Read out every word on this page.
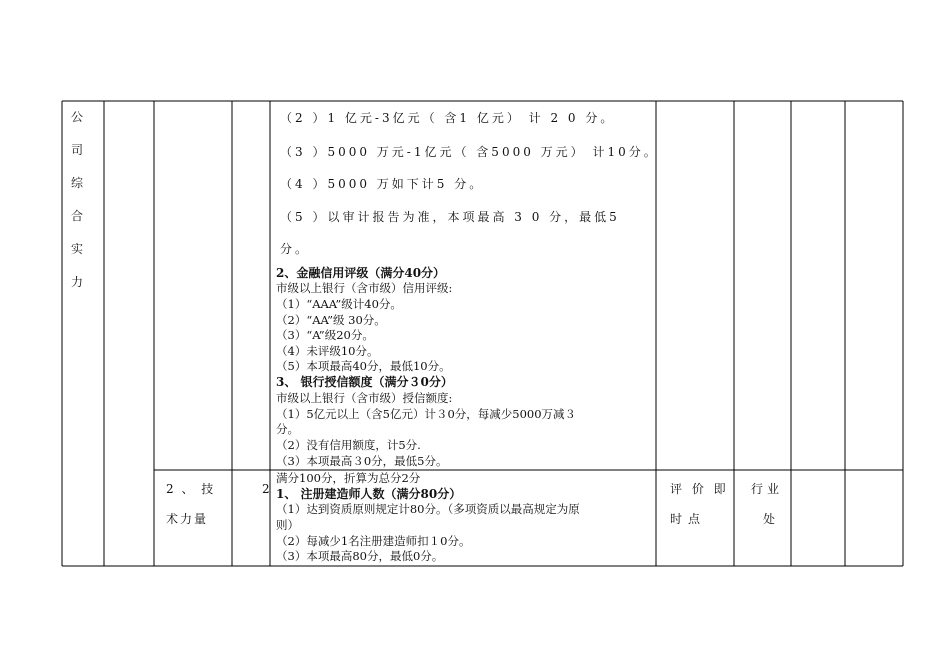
公
司
综
合
实
力
（2 ）1 亿元-3亿元（ 含1 亿元） 计 2 0 分。
（3 ）5000 万元-1亿元（ 含5000 万元） 计10分。
（4 ）5000 万如下计5 分。
（5 ）以审计报告为准，本项最高 3 0 分，最低5
分。
2、金融信用评级（满分40分）
市级以上银行（含市级）信用评级:
（1）“AAA”级计40分。
（2）“AA”级 30分。
（3）“A”级20分。
（4）未评级10分。
（5）本项最高40分，最低10分。
3、 银行授信额度（满分３0分）
市级以上银行（含市级）授信额度:
（1）5亿元以上（含5亿元）计３0分，每减少5000万减３
分。
（2）没有信用额度，计5分.
（3）本项最高３0分，最低5分。
2 、 技
术力量
2
满分100分，折算为总分2分
1、 注册建造师人数（满分80分）
（1）达到资质原则规定计80分。（多项资质以最高规定为原
则）
（2）每减少1名注册建造师扣１0分。
（3）本项最高80分，最低0分。
评 价 即
时点
行业
处
